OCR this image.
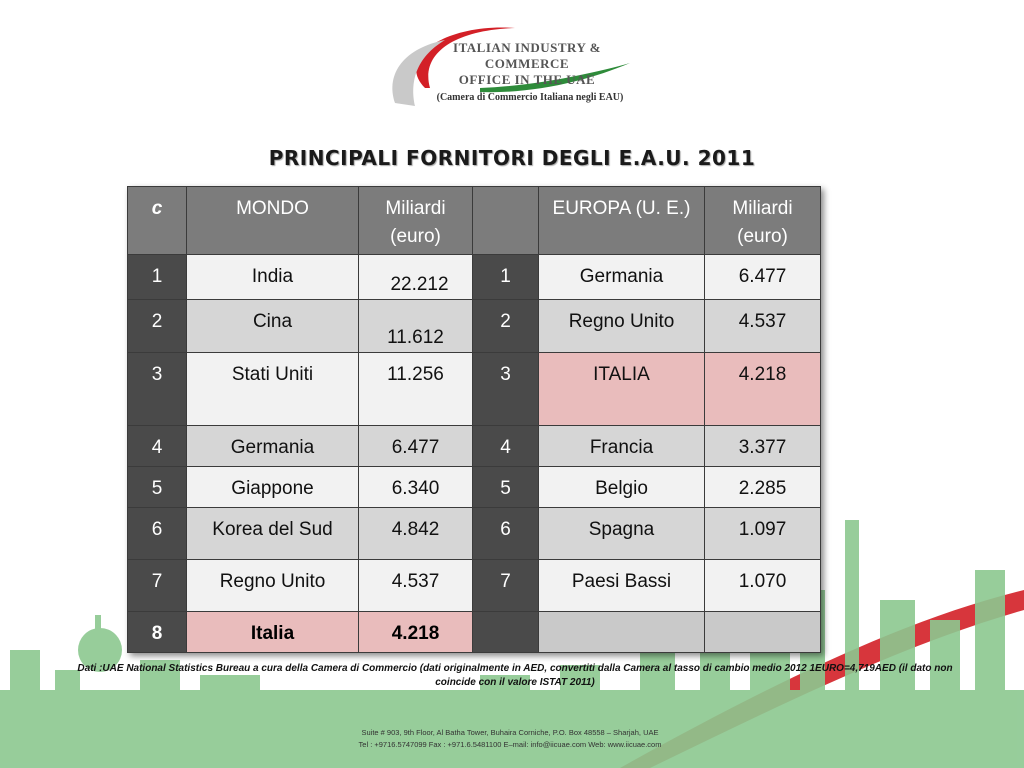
ITALIAN INDUSTRY & COMMERCE
OFFICE IN THE UAE
(Camera di Commercio Italiana negli EAU)
PRINCIPALI FORNITORI DEGLI E.A.U. 2011
c	MONDO	Miliardi (euro)		EUROPA (U. E.)	Miliardi (euro)
1	India	22.212	1	Germania	6.477
2	Cina	11.612	2	Regno Unito	4.537
3	Stati Uniti	11.256	3	ITALIA	4.218
4	Germania	6.477	4	Francia	3.377
5	Giappone	6.340	5	Belgio	2.285
6	Korea del Sud	4.842	6	Spagna	1.097
7	Regno Unito	4.537	7	Paesi Bassi	1.070
8	Italia	4.218			
Dati :UAE National Statistics Bureau a cura della Camera di Commercio (dati originalmente in AED, convertiti dalla Camera al tasso di cambio medio 2012 1EURO=4,719AED (il dato non coincide con il valore ISTAT 2011)
Suite # 903, 9th Floor, Al Batha Tower, Buhaira Corniche, P.O. Box 48558 – Sharjah, UAE
Tel : +9716.5747099 Fax : +971.6.5481100 E–mail: info@iicuae.com Web: www.iicuae.com
